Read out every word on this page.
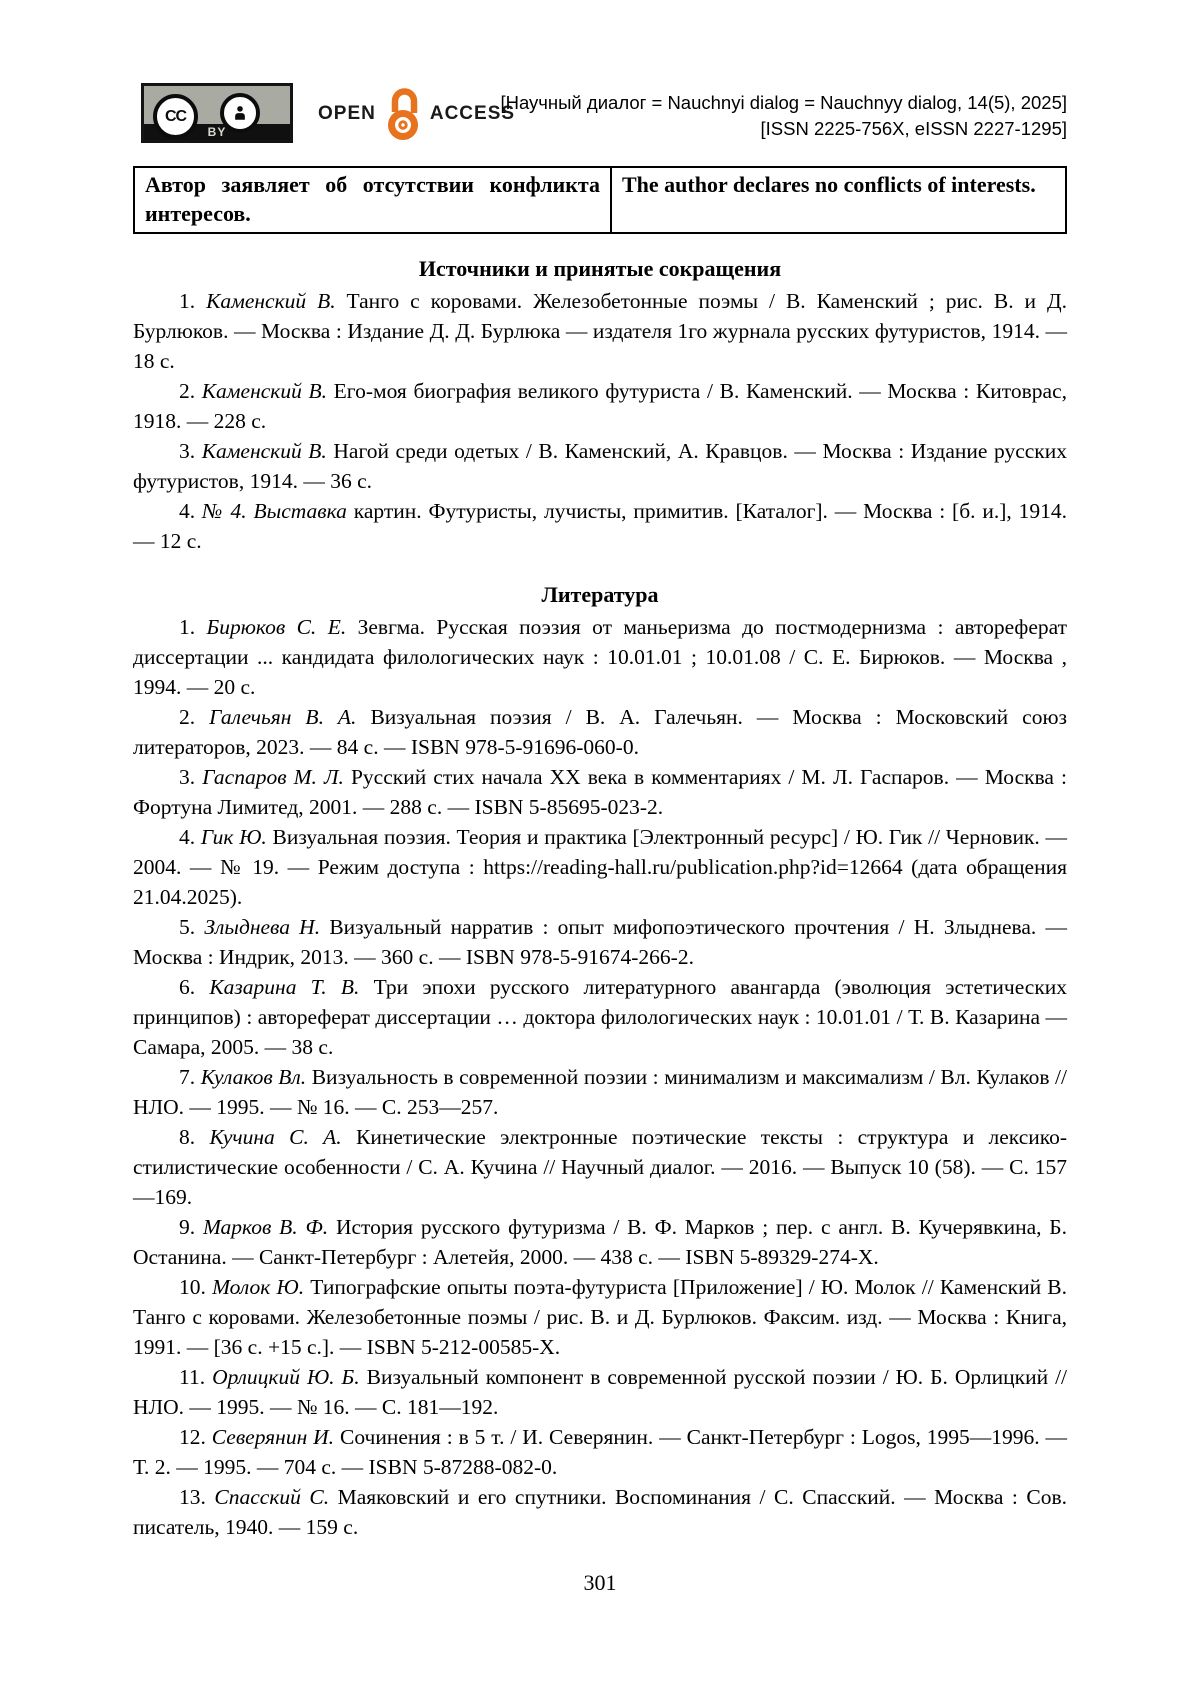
CC
BY
OPEN	ACCESS
[Научный диалог = Nauchnyi dialog = Nauchnyy dialog, 14(5), 2025]
[ISSN 2225-756X, eISSN 2227-1295]
Автор заявляет об отсутствии конфликта интересов.
The author declares no conflicts of interests.
Источники и принятые сокращения

1. Каменский В. Танго с коровами. Железобетонные поэмы / В. Каменский ; рис. В. и Д. Бурлюков. — Москва : Издание Д. Д. Бурлюка — издателя 1го журнала русских футуристов, 1914. — 18 с.

2. Каменский В. Его-моя биография великого футуриста / В. Каменский. — Москва : Китоврас, 1918. — 228 с.

3. Каменский В. Нагой среди одетых / В. Каменский, А. Кравцов. — Москва : Издание русских футуристов, 1914. — 36 с.

4. № 4. Выставка картин. Футуристы, лучисты, примитив. [Каталог]. — Москва : [б. и.], 1914. — 12 с.

Литература

1. Бирюков С. Е. Зевгма. Русская поэзия от маньеризма до постмодернизма : автореферат диссертации ... кандидата филологических наук : 10.01.01 ; 10.01.08 / С. Е. Бирюков. — Москва , 1994. — 20 с.

2. Галечьян В. А. Визуальная поэзия / В. А. Галечьян. — Москва : Московский союз литераторов, 2023. — 84 с. — ISBN 978-5-91696-060-0.

3. Гаспаров М. Л. Русский стих начала XX века в комментариях / М. Л. Гаспаров. — Москва : Фортуна Лимитед, 2001. — 288 с. — ISBN 5-85695-023-2.

4. Гик Ю. Визуальная поэзия. Теория и практика [Электронный ресурс] / Ю. Гик // Черновик. — 2004. — № 19. — Режим доступа : https://reading-hall.ru/publication.php?id=12664 (дата обращения 21.04.2025).

5. Злыднева Н. Визуальный нарратив : опыт мифопоэтического прочтения / Н. Злыднева. — Москва : Индрик, 2013. — 360 с. — ISBN 978-5-91674-266-2.

6. Казарина Т. В. Три эпохи русского литературного авангарда (эволюция эстетических принципов) : автореферат диссертации … доктора филологических наук : 10.01.01 / Т. В. Казарина — Самара, 2005. — 38 с.

7. Кулаков Вл. Визуальность в современной поэзии : минимализм и максимализм / Вл. Кулаков // НЛО. — 1995. — № 16. — С. 253—257.

8. Кучина С. А. Кинетические электронные поэтические тексты : структура и лексико-стилистические особенности / С. А. Кучина // Научный диалог. — 2016. — Выпуск 10 (58). — С. 157—169.

9. Марков В. Ф. История русского футуризма / В. Ф. Марков ; пер. с англ. В. Кучерявкина, Б. Останина. — Санкт-Петербург : Алетейя, 2000. — 438 с. — ISBN 5-89329-274-X.

10. Молок Ю. Типографские опыты поэта-футуриста [Приложение] / Ю. Молок // Каменский В. Танго с коровами. Железобетонные поэмы / рис. В. и Д. Бурлюков. Факсим. изд. — Москва : Книга, 1991. — [36 с. +15 с.]. — ISBN 5-212-00585-X.

11. Орлицкий Ю. Б. Визуальный компонент в современной русской поэзии / Ю. Б. Орлицкий // НЛО. — 1995. — № 16. — С. 181—192.

12. Северянин И. Сочинения : в 5 т. / И. Северянин. — Санкт-Петербург : Logos, 1995—1996. — Т. 2. — 1995. — 704 с. — ISBN 5-87288-082-0.

13. Спасский С. Маяковский и его спутники. Воспоминания / С. Спасский. — Москва : Сов. писатель, 1940. — 159 с.

301
